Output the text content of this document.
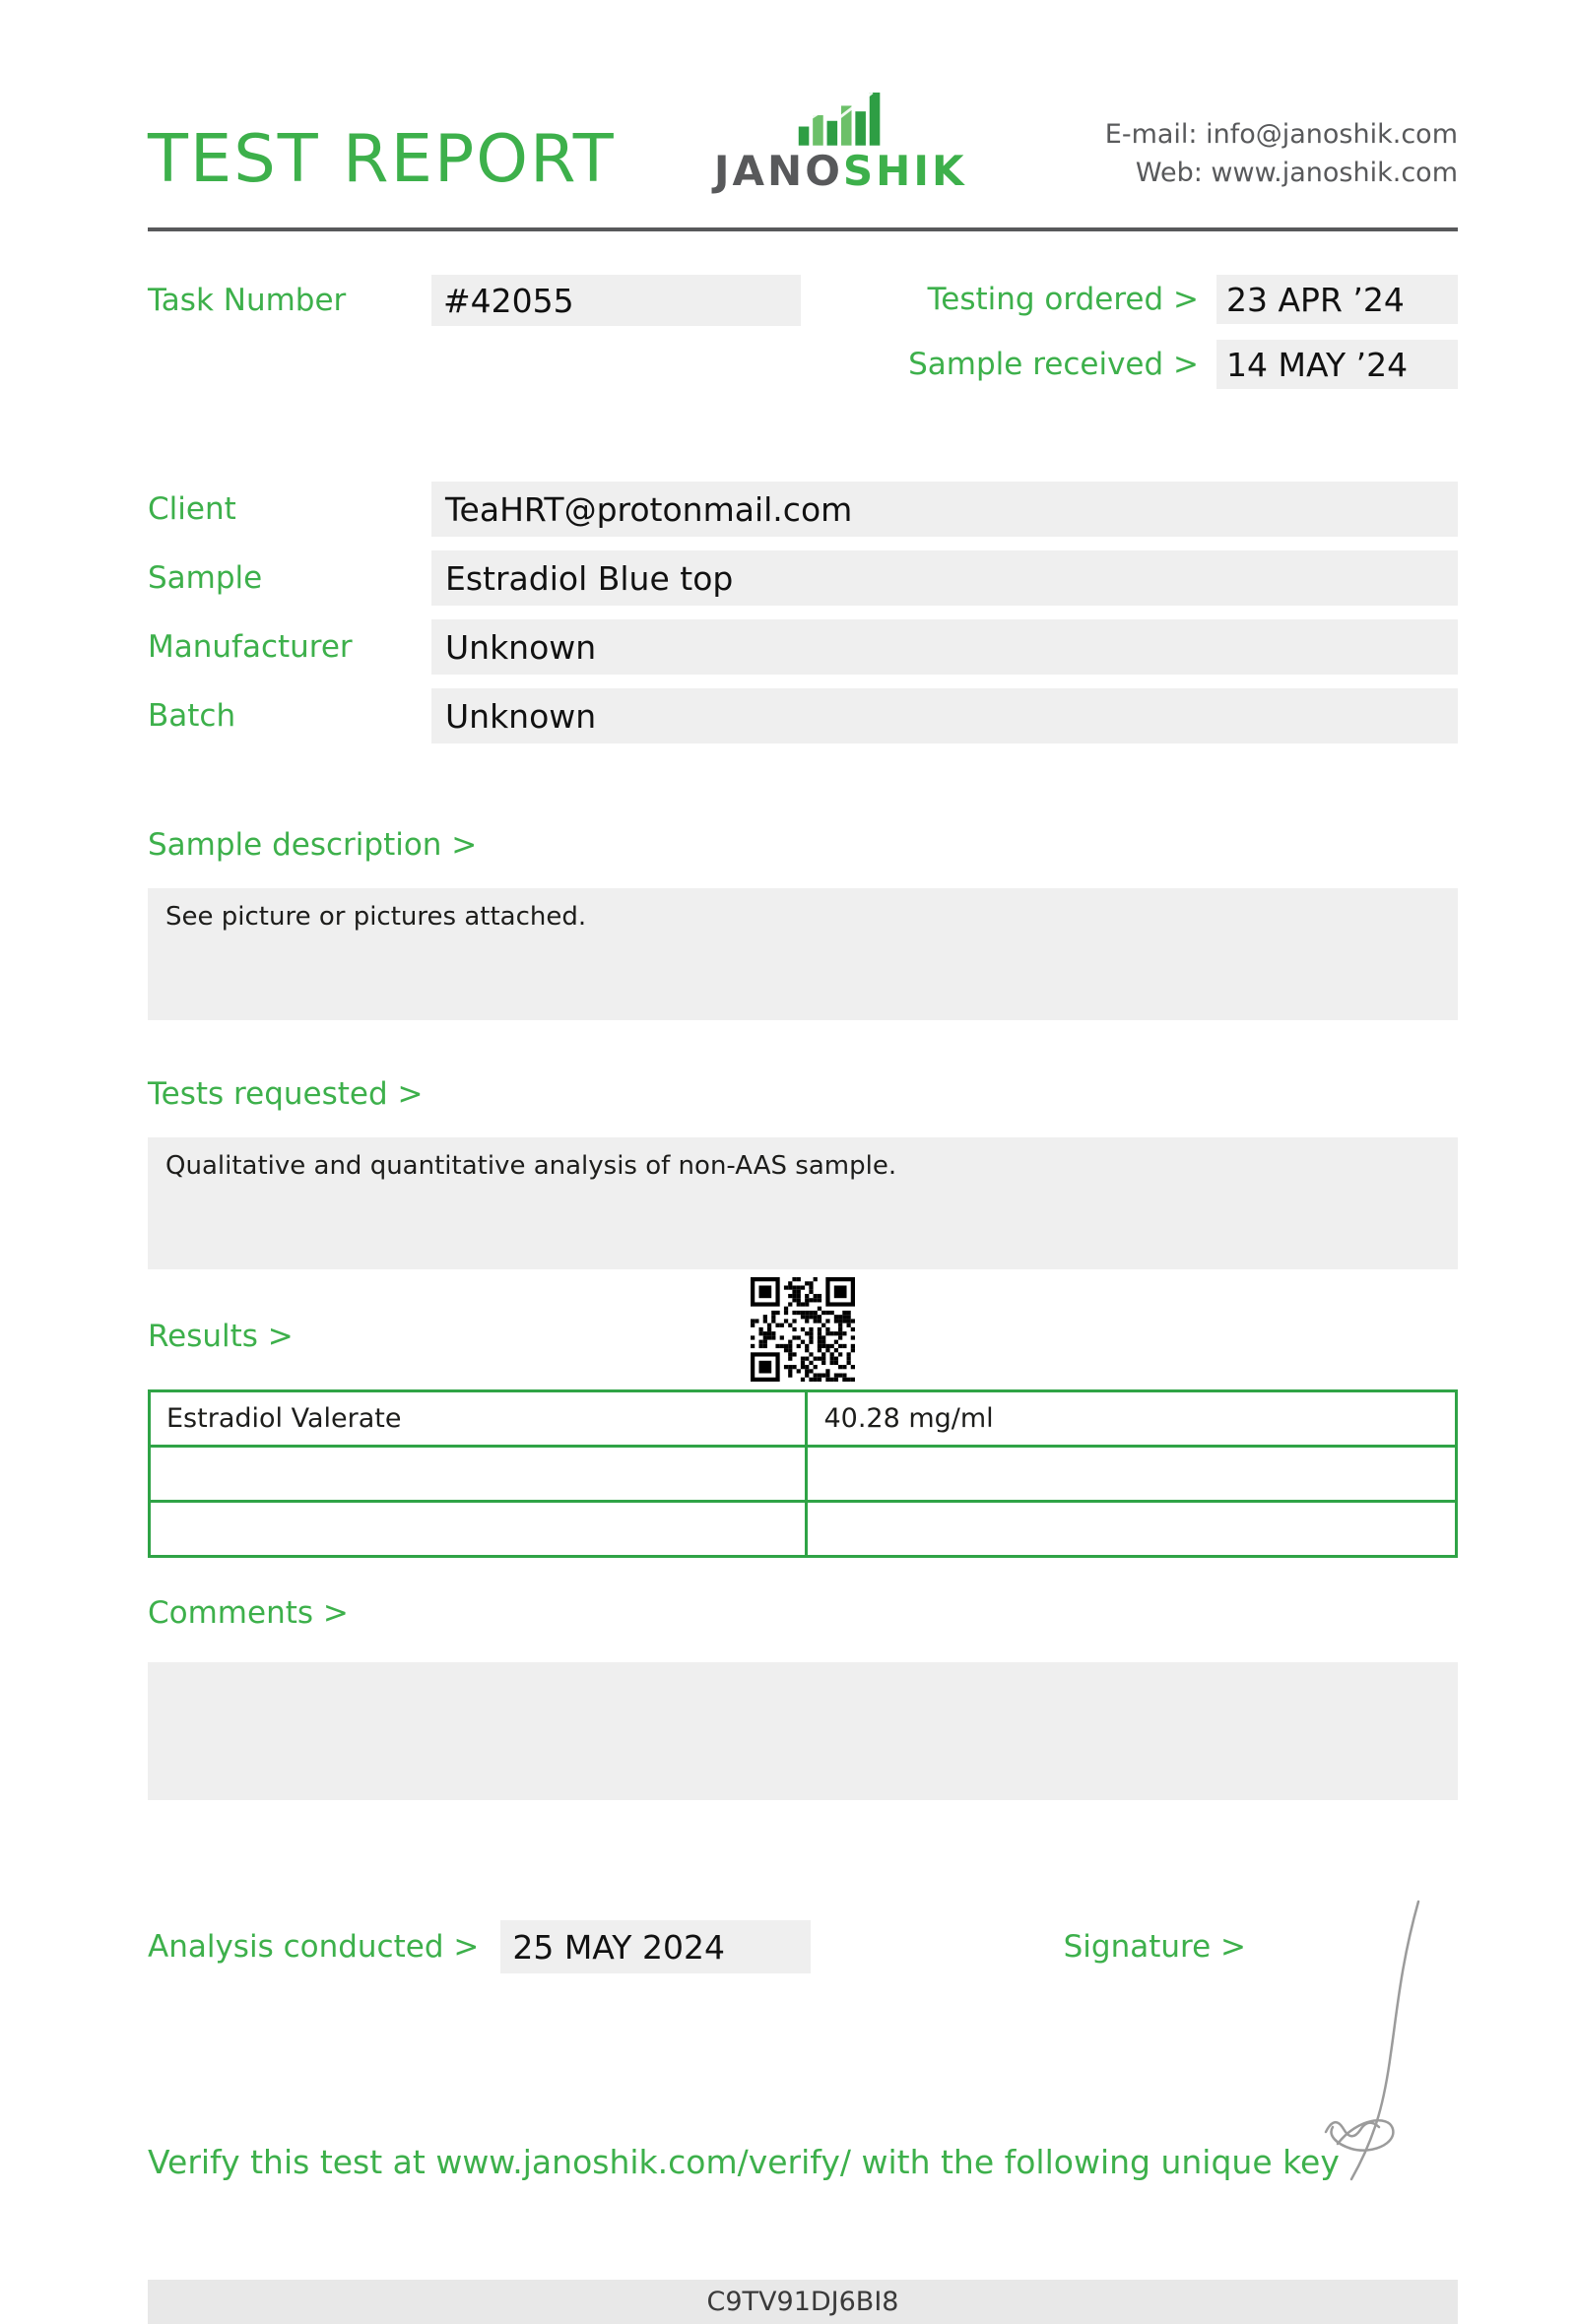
TEST REPORT JANOSHIK
E-mail: info@janoshik.com
Web: www.janoshik.com
Task Number	#42055	Testing ordered > 23 APR ’24
Sample received > 14 MAY ’24
Client	TeaHRT@protonmail.com
Sample	Estradiol Blue top
Manufacturer	Unknown
Batch	Unknown
Sample description >
See picture or pictures attached.
Tests requested >
Qualitative and quantitative analysis of non-AAS sample.
Results >
Estradiol Valerate	40.28 mg/ml

Comments >
Analysis conducted >	25 MAY 2024	Signature >
Verify this test at www.janoshik.com/verify/ with the following unique key
C9TV91DJ6BI8
